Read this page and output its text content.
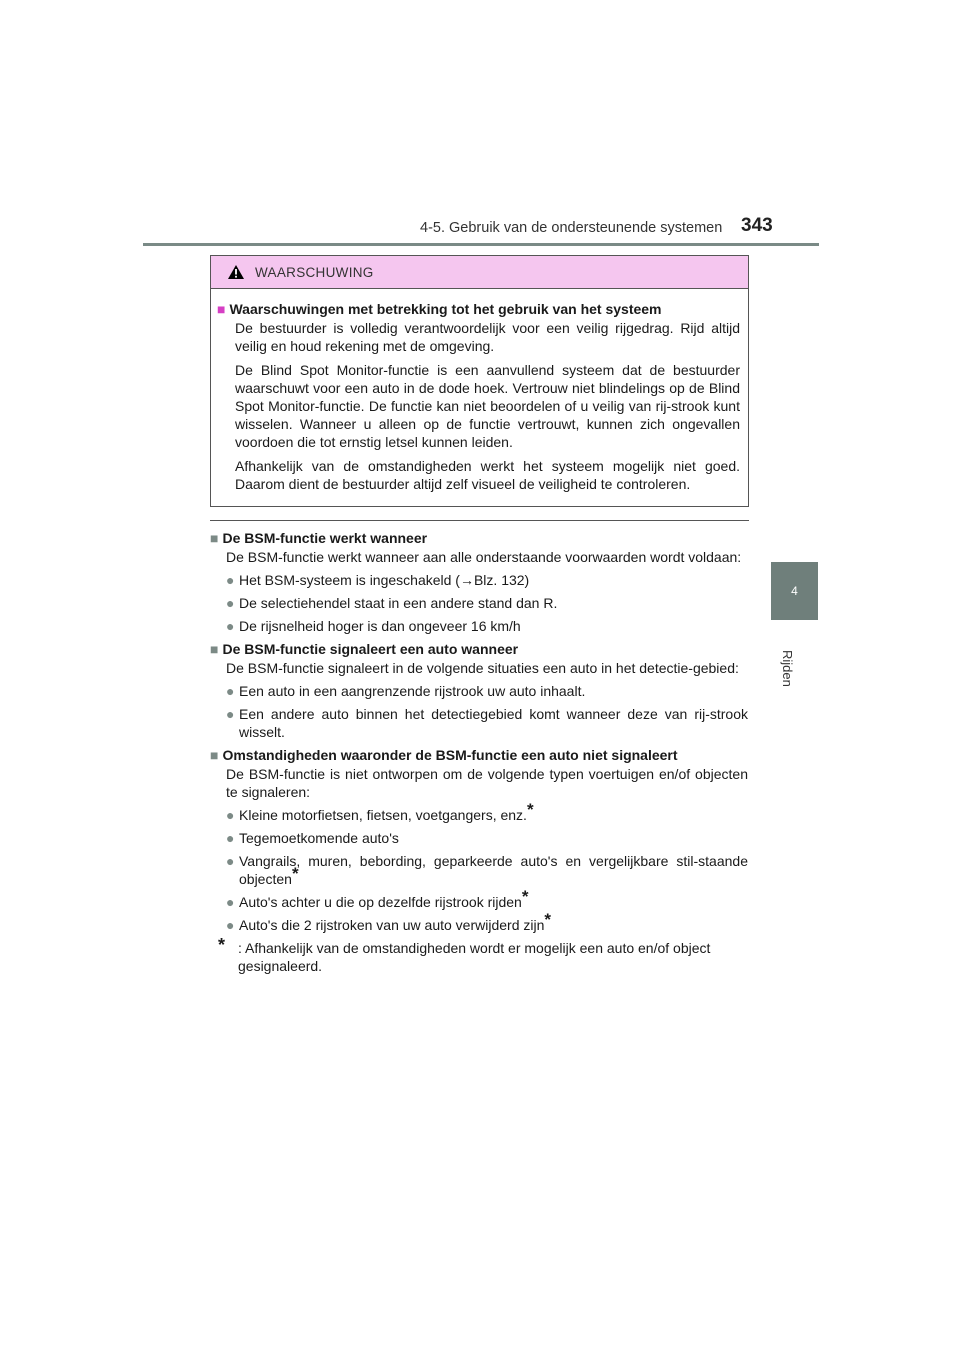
4-5. Gebruik van de ondersteunende systemen 343
4
Rijden
WAARSCHUWING

■ Waarschuwingen met betrekking tot het gebruik van het systeem

De bestuurder is volledig verantwoordelijk voor een veilig rijgedrag. Rijd altijd veilig en houd rekening met de omgeving.

De Blind Spot Monitor-functie is een aanvullend systeem dat de bestuurder waarschuwt voor een auto in de dode hoek. Vertrouw niet blindelings op de Blind Spot Monitor-functie. De functie kan niet beoordelen of u veilig van rij-strook kunt wisselen. Wanneer u alleen op de functie vertrouwt, kunnen zich ongevallen voordoen die tot ernstig letsel kunnen leiden.

Afhankelijk van de omstandigheden werkt het systeem mogelijk niet goed. Daarom dient de bestuurder altijd zelf visueel de veiligheid te controleren.

■ De BSM-functie werkt wanneer

De BSM-functie werkt wanneer aan alle onderstaande voorwaarden wordt voldaan:

● Het BSM-systeem is ingeschakeld (→Blz. 132)

● De selectiehendel staat in een andere stand dan R.

● De rijsnelheid hoger is dan ongeveer 16 km/h

■ De BSM-functie signaleert een auto wanneer

De BSM-functie signaleert in de volgende situaties een auto in het detectie-gebied:

● Een auto in een aangrenzende rijstrook uw auto inhaalt.

● Een andere auto binnen het detectiegebied komt wanneer deze van rij-strook wisselt.

■ Omstandigheden waaronder de BSM-functie een auto niet signaleert

De BSM-functie is niet ontworpen om de volgende typen voertuigen en/of objecten te signaleren:

● Kleine motorfietsen, fietsen, voetgangers, enz.*

● Tegemoetkomende auto's

● Vangrails, muren, bebording, geparkeerde auto's en vergelijkbare stil-staande objecten*

● Auto's achter u die op dezelfde rijstrook rijden*

● Auto's die 2 rijstroken van uw auto verwijderd zijn*

* : Afhankelijk van de omstandigheden wordt er mogelijk een auto en/of object gesignaleerd.
